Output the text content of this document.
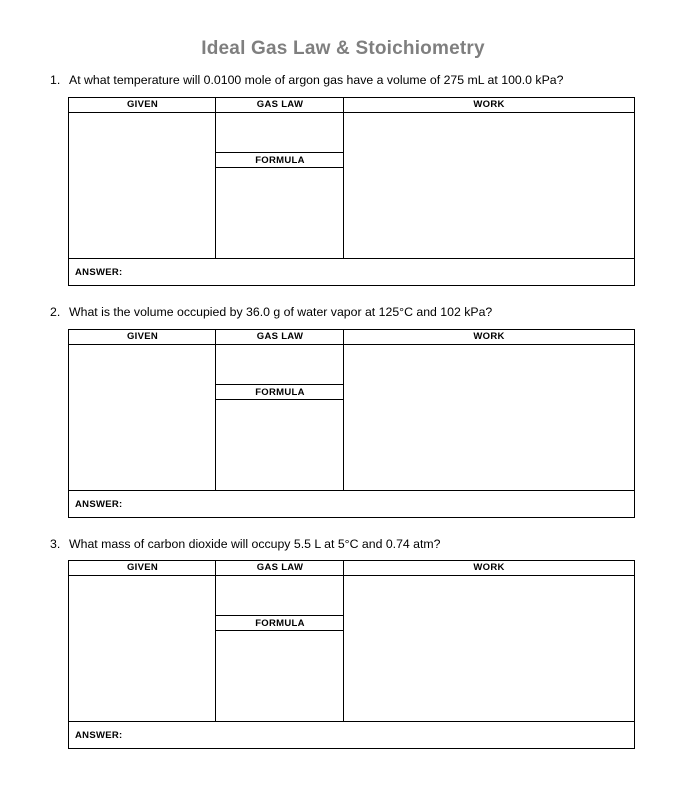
Ideal Gas Law & Stoichiometry
1. At what temperature will 0.0100 mole of argon gas have a volume of 275 mL at 100.0 kPa?
GIVEN	GAS LAW	WORK
FORMULA
ANSWER:
2. What is the volume occupied by 36.0 g of water vapor at 125°C and 102 kPa?
GIVEN	GAS LAW	WORK
FORMULA
ANSWER:
3. What mass of carbon dioxide will occupy 5.5 L at 5°C and 0.74 atm?
GIVEN	GAS LAW	WORK
FORMULA
ANSWER:
